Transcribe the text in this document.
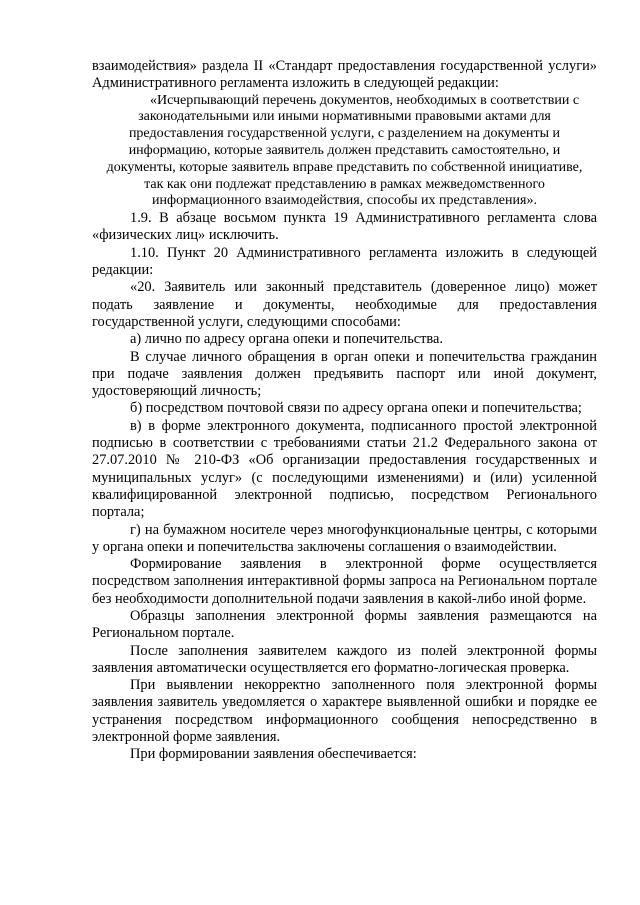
взаимодействия» раздела II «Стандарт предоставления государственной услуги» Административного регламента изложить в следующей редакции:

«Исчерпывающий перечень документов, необходимых в соответствии с законодательными или иными нормативными правовыми актами для предоставления государственной услуги, с разделением на документы и информацию, которые заявитель должен представить самостоятельно, и документы, которые заявитель вправе представить по собственной инициативе, так как они подлежат представлению в рамках межведомственного информационного взаимодействия, способы их представления».

1.9. В абзаце восьмом пункта 19 Административного регламента слова «физических лиц» исключить.

1.10. Пункт 20 Административного регламента изложить в следующей редакции:

«20. Заявитель или законный представитель (доверенное лицо) может подать заявление и документы, необходимые для предоставления государственной услуги, следующими способами:

а) лично по адресу органа опеки и попечительства.

В случае личного обращения в орган опеки и попечительства гражданин при подаче заявления должен предъявить паспорт или иной документ, удостоверяющий личность;

б) посредством почтовой связи по адресу органа опеки и попечительства;

в) в форме электронного документа, подписанного простой электронной подписью в соответствии с требованиями статьи 21.2 Федерального закона от 27.07.2010 № 210-ФЗ «Об организации предоставления государственных и муниципальных услуг» (с последующими изменениями) и (или) усиленной квалифицированной электронной подписью, посредством Регионального портала;

г) на бумажном носителе через многофункциональные центры, с которыми у органа опеки и попечительства заключены соглашения о взаимодействии.

Формирование заявления в электронной форме осуществляется посредством заполнения интерактивной формы запроса на Региональном портале без необходимости дополнительной подачи заявления в какой-либо иной форме.

Образцы заполнения электронной формы заявления размещаются на Региональном портале.

После заполнения заявителем каждого из полей электронной формы заявления автоматически осуществляется его форматно-логическая проверка.

При выявлении некорректно заполненного поля электронной формы заявления заявитель уведомляется о характере выявленной ошибки и порядке ее устранения посредством информационного сообщения непосредственно в электронной форме заявления.

При формировании заявления обеспечивается:
